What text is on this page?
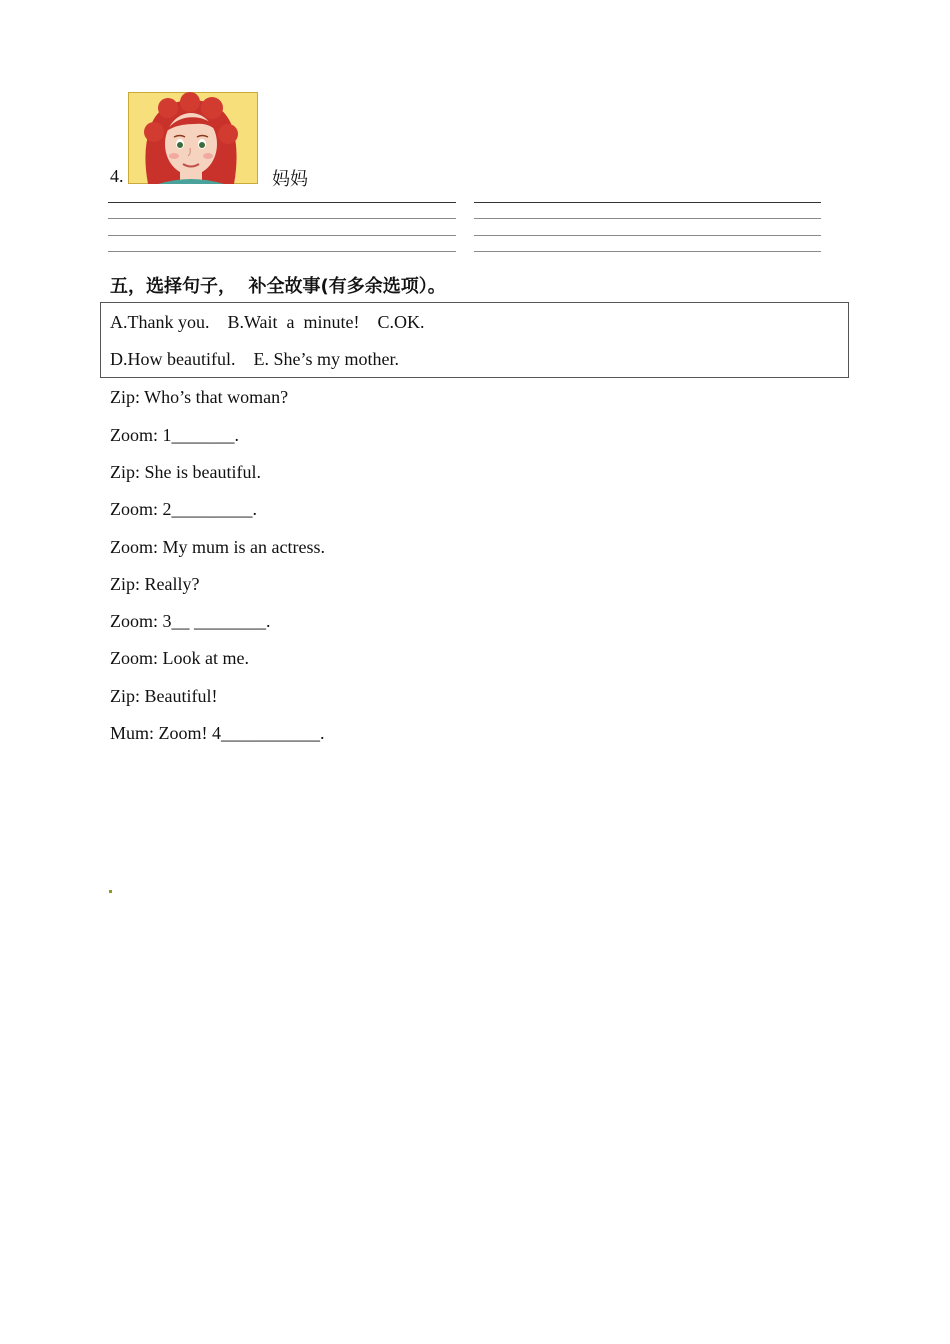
4.	妈妈
五，选择句子，  补全故事(有多余选项）。
A.Thank you.    B.Wait  a  minute!    C.OK.
D.How beautiful.    E. She’s my mother.
Zip: Who’s that woman?
Zoom: 1_______.
Zip: She is beautiful.
Zoom: 2_________.
Zoom: My mum is an actress.
Zip: Really?
Zoom: 3__ ________.
Zoom: Look at me.
Zip: Beautiful!
Mum: Zoom! 4___________.
